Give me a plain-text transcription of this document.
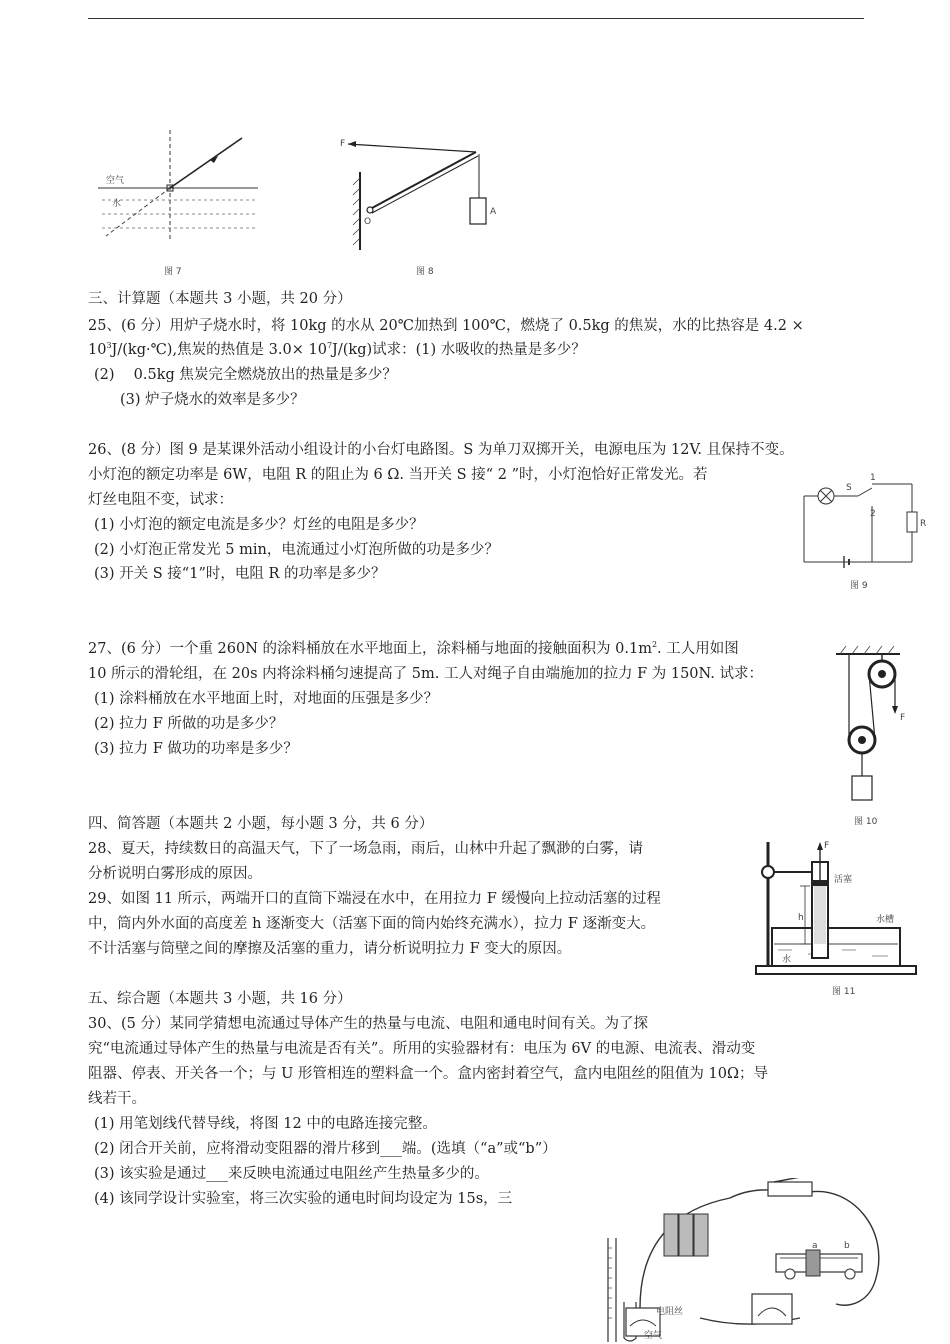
空气
水
图 7
F
O
A
图 8
三、计算题（本题共 3 小题，共 20 分）
25、(6 分）用炉子烧水时，将 10kg 的水从 20℃加热到 100℃，燃烧了 0.5kg 的焦炭，水的比热容是 4.2 ×
$10^3J/(kg\cdot℃)$,焦炭的热值是 $3.0\times 10^7J/(kg)$试求：(1) 水吸收的热量是多少？
(2)　 0.5kg 焦炭完全燃烧放出的热量是多少？
(3) 炉子烧水的效率是多少？
26、(8 分）图 9 是某课外活动小组设计的小台灯电路图。S 为单刀双掷开关，电源电压为 12V. 且保持不变。
小灯泡的额定功率是 6W，电阻 R 的阻止为 6 Ω. 当开关 S 接“ 2 ”时，小灯泡恰好正常发光。若
灯丝电阻不变，试求：
(1) 小灯泡的额定电流是多少？灯丝的电阻是多少？
(2) 小灯泡正常发光 5 min，电流通过小灯泡所做的功是多少？
(3) 开关 S 接“1”时，电阻 R 的功率是多少？
S
1
2
R
图 9
27、(6 分）一个重 260N 的涂料桶放在水平地面上，涂料桶与地面的接触面积为 $0.1m^2$. 工人用如图
10 所示的滑轮组，在 20s 内将涂料桶匀速提高了 5m. 工人对绳子自由端施加的拉力 F 为 150N. 试求：
(1) 涂料桶放在水平地面上时，对地面的压强是多少？
(2) 拉力 F 所做的功是多少？
(3) 拉力 F 做功的功率是多少？
F
图 10
四、简答题（本题共 2 小题，每小题 3 分，共 6 分）
28、夏天，持续数日的高温天气，下了一场急雨，雨后，山林中升起了飘渺的白雾，请
分析说明白雾形成的原因。
29、如图 11 所示，两端开口的直筒下端浸在水中，在用拉力 F 缓慢向上拉动活塞的过程
中，筒内外水面的高度差 h 逐渐变大（活塞下面的筒内始终充满水），拉力 F 逐渐变大。
不计活塞与筒壁之间的摩擦及活塞的重力，请分析说明拉力 F 变大的原因。
F
活塞
h	水槽
水
图 11
五、综合题（本题共 3 小题，共 16 分）
30、(5 分）某同学猜想电流通过导体产生的热量与电流、电阻和通电时间有关。为了探
究“电流通过导体产生的热量与电流是否有关”。所用的实验器材有：电压为 6V 的电源、电流表、滑动变
阻器、停表、开关各一个；与 U 形管相连的塑料盒一个。盒内密封着空气，盒内电阻丝的阻值为 10Ω；导
线若干。
(1) 用笔划线代替导线，将图 12 中的电路连接完整。
(2) 闭合开关前，应将滑动变阻器的滑片移到___端。(选填（“a”或“b”）
(3) 该实验是通过___来反映电流通过电阻丝产生热量多少的。
(4) 该同学设计实验室，将三次实验的通电时间均设定为 15s，三
电阻丝
空气
a	b
